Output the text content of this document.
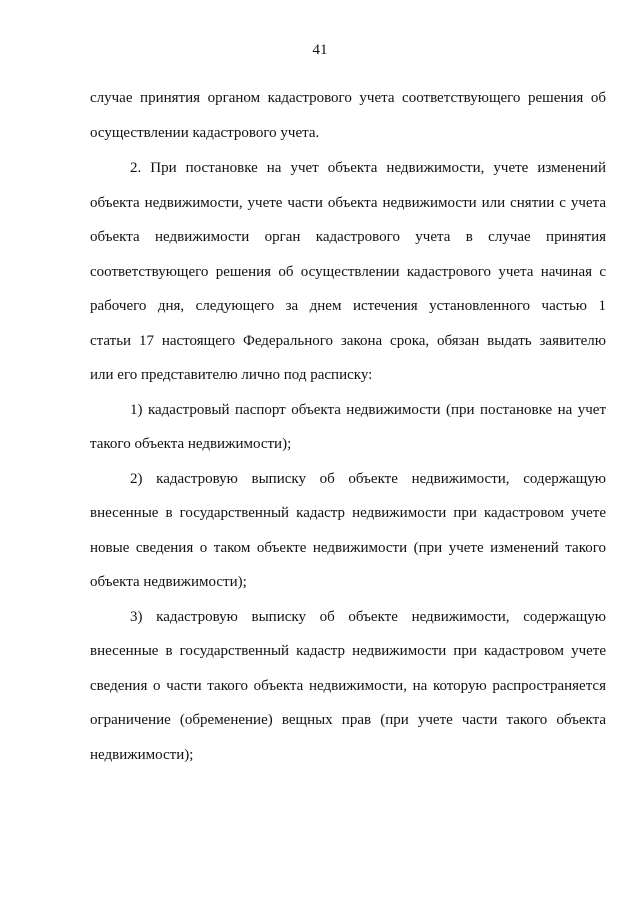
41
случае принятия органом кадастрового учета соответствующего решения об
осуществлении кадастрового учета.
2. При постановке на учет объекта недвижимости, учете изменений
объекта недвижимости, учете части объекта недвижимости или снятии с учета
объекта недвижимости орган кадастрового учета в случае принятия
соответствующего решения об осуществлении кадастрового учета начиная с
рабочего дня, следующего за днем истечения установленного частью 1
статьи 17 настоящего Федерального закона срока, обязан выдать заявителю
или его представителю лично под расписку:
1) кадастровый паспорт объекта недвижимости (при постановке на учет
такого объекта недвижимости);
2) кадастровую выписку об объекте недвижимости, содержащую
внесенные в государственный кадастр недвижимости при кадастровом учете
новые сведения о таком объекте недвижимости (при учете изменений такого
объекта недвижимости);
3) кадастровую выписку об объекте недвижимости, содержащую
внесенные в государственный кадастр недвижимости при кадастровом учете
сведения о части такого объекта недвижимости, на которую распространяется
ограничение (обременение) вещных прав (при учете части такого объекта
недвижимости);
